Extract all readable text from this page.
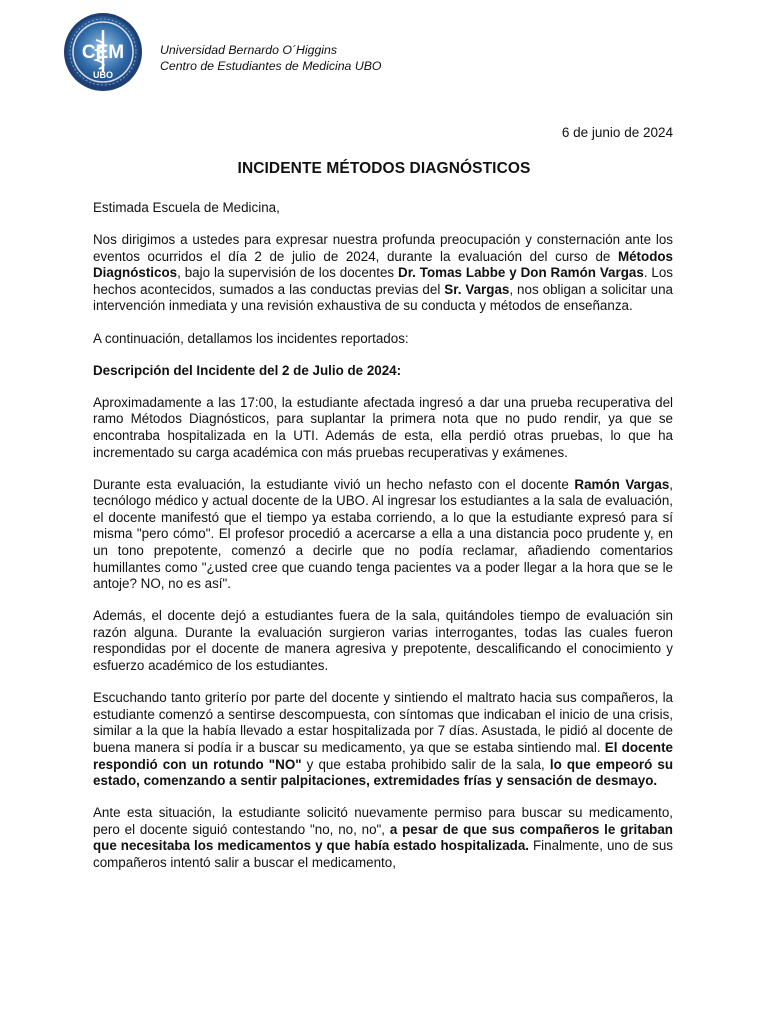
CEM
UBO
Universidad Bernardo O´Higgins
Centro de Estudiantes de Medicina UBO
6 de junio de 2024
INCIDENTE MÉTODOS DIAGNÓSTICOS

Estimada Escuela de Medicina,

Nos dirigimos a ustedes para expresar nuestra profunda preocupación y consternación ante los eventos ocurridos el día 2 de julio de 2024, durante la evaluación del curso de Métodos Diagnósticos, bajo la supervisión de los docentes Dr. Tomas Labbe y Don Ramón Vargas. Los hechos acontecidos, sumados a las conductas previas del Sr. Vargas, nos obligan a solicitar una intervención inmediata y una revisión exhaustiva de su conducta y métodos de enseñanza.

A continuación, detallamos los incidentes reportados:

Descripción del Incidente del 2 de Julio de 2024:

Aproximadamente a las 17:00, la estudiante afectada ingresó a dar una prueba recuperativa del ramo Métodos Diagnósticos, para suplantar la primera nota que no pudo rendir, ya que se encontraba hospitalizada en la UTI. Además de esta, ella perdió otras pruebas, lo que ha incrementado su carga académica con más pruebas recuperativas y exámenes.

Durante esta evaluación, la estudiante vivió un hecho nefasto con el docente Ramón Vargas, tecnólogo médico y actual docente de la UBO. Al ingresar los estudiantes a la sala de evaluación, el docente manifestó que el tiempo ya estaba corriendo, a lo que la estudiante expresó para sí misma "pero cómo". El profesor procedió a acercarse a ella a una distancia poco prudente y, en un tono prepotente, comenzó a decirle que no podía reclamar, añadiendo comentarios humillantes como "¿usted cree que cuando tenga pacientes va a poder llegar a la hora que se le antoje? NO, no es así".

Además, el docente dejó a estudiantes fuera de la sala, quitándoles tiempo de evaluación sin razón alguna. Durante la evaluación surgieron varias interrogantes, todas las cuales fueron respondidas por el docente de manera agresiva y prepotente, descalificando el conocimiento y esfuerzo académico de los estudiantes.

Escuchando tanto griterío por parte del docente y sintiendo el maltrato hacia sus compañeros, la estudiante comenzó a sentirse descompuesta, con síntomas que indicaban el inicio de una crisis, similar a la que la había llevado a estar hospitalizada por 7 días. Asustada, le pidió al docente de buena manera si podía ir a buscar su medicamento, ya que se estaba sintiendo mal. El docente respondió con un rotundo "NO" y que estaba prohibido salir de la sala, lo que empeoró su estado, comenzando a sentir palpitaciones, extremidades frías y sensación de desmayo.

Ante esta situación, la estudiante solicitó nuevamente permiso para buscar su medicamento, pero el docente siguió contestando "no, no, no", a pesar de que sus compañeros le gritaban que necesitaba los medicamentos y que había estado hospitalizada. Finalmente, uno de sus compañeros intentó salir a buscar el medicamento,
